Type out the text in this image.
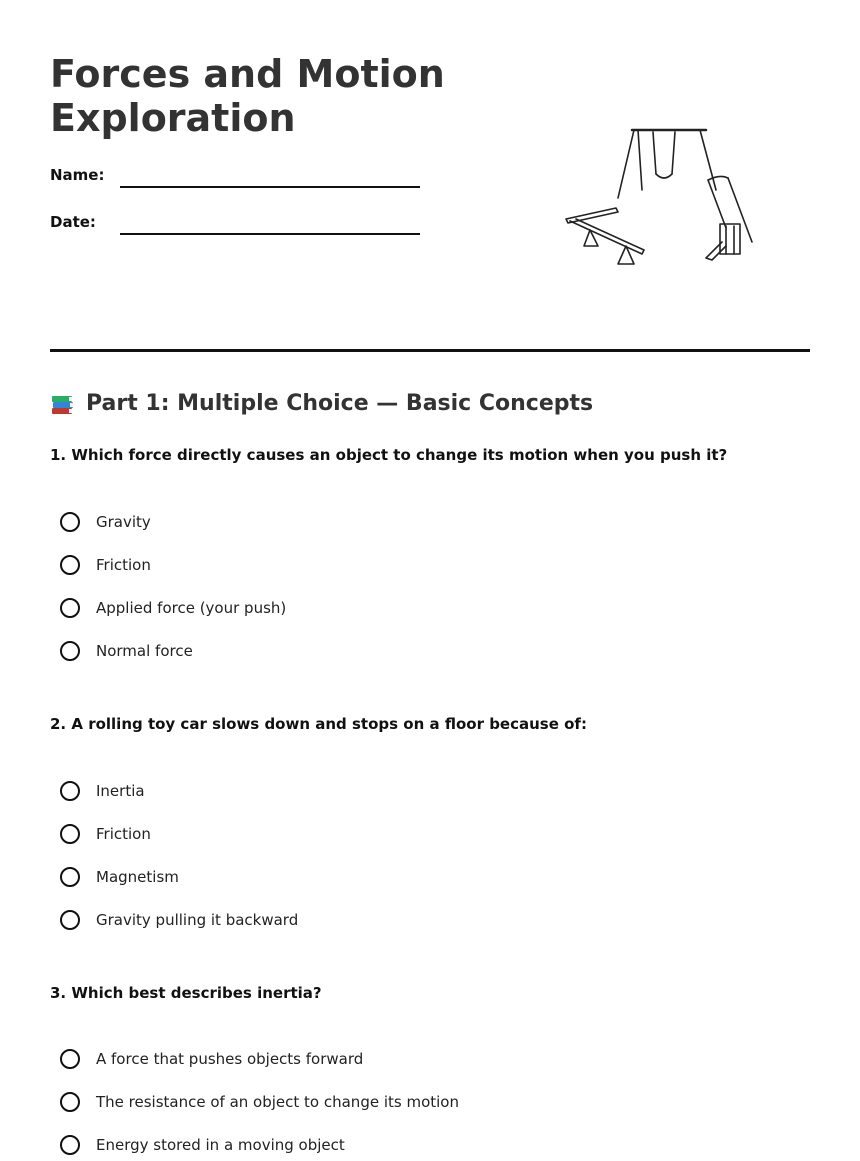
Forces and Motion
Exploration
Name:
Date:
Part 1: Multiple Choice — Basic Concepts

1. Which force directly causes an object to change its motion when you push it?

Gravity
Friction
Applied force (your push)
Normal force

2. A rolling toy car slows down and stops on a floor because of:

Inertia
Friction
Magnetism
Gravity pulling it backward

3. Which best describes inertia?

A force that pushes objects forward
The resistance of an object to change its motion
Energy stored in a moving object
